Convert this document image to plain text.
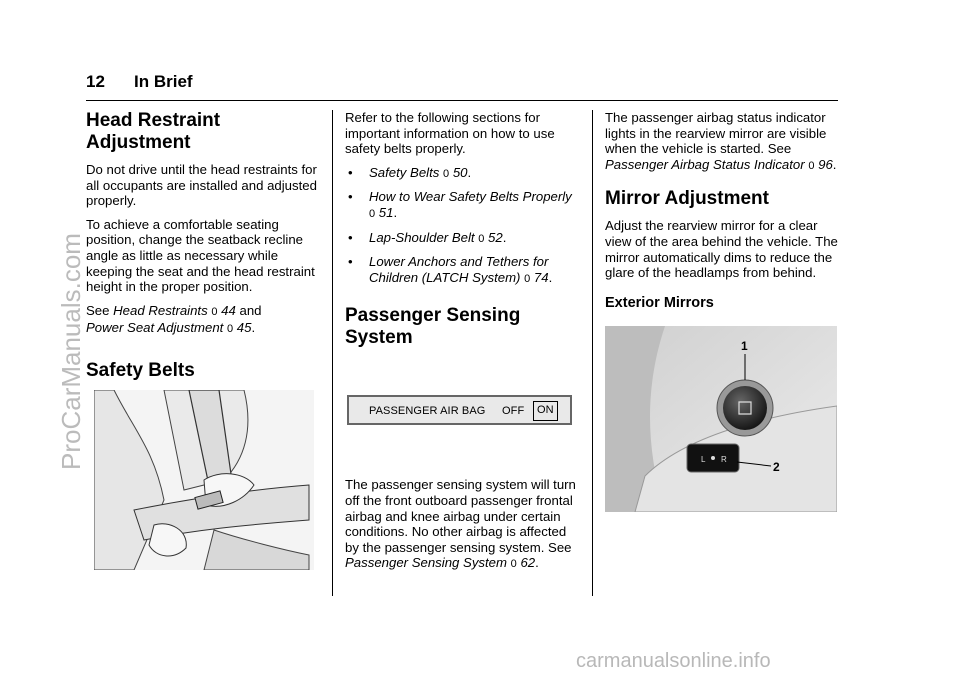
12 In Brief
Head Restraint
Adjustment

Do not drive until the head restraints for all occupants are installed and adjusted properly.

To achieve a comfortable seating position, change the seatback recline angle as little as necessary while keeping the seat and the head restraint height in the proper position.

See Head Restraints 0 44 and
Power Seat Adjustment 0 45.

Safety Belts

Refer to the following sections for important information on how to use safety belts properly.

• Safety Belts 0 50.
• How to Wear Safety Belts Properly 0 51.
• Lap-Shoulder Belt 0 52.
• Lower Anchors and Tethers for Children (LATCH System) 0 74.
Passenger Sensing
System
PASSENGER AIR BAG OFF	ON

The passenger sensing system will turn off the front outboard passenger frontal airbag and knee airbag under certain conditions. No other airbag is affected by the passenger sensing system. See
Passenger Sensing System 0 62.

The passenger airbag status indicator lights in the rearview mirror are visible when the vehicle is started. See Passenger Airbag Status Indicator 0 96.

Mirror Adjustment

Adjust the rearview mirror for a clear view of the area behind the vehicle. The mirror automatically dims to reduce the glare of the headlamps from behind.

Exterior Mirrors
L R
1
2
ProCarManuals.com
carmanualsonline.info
